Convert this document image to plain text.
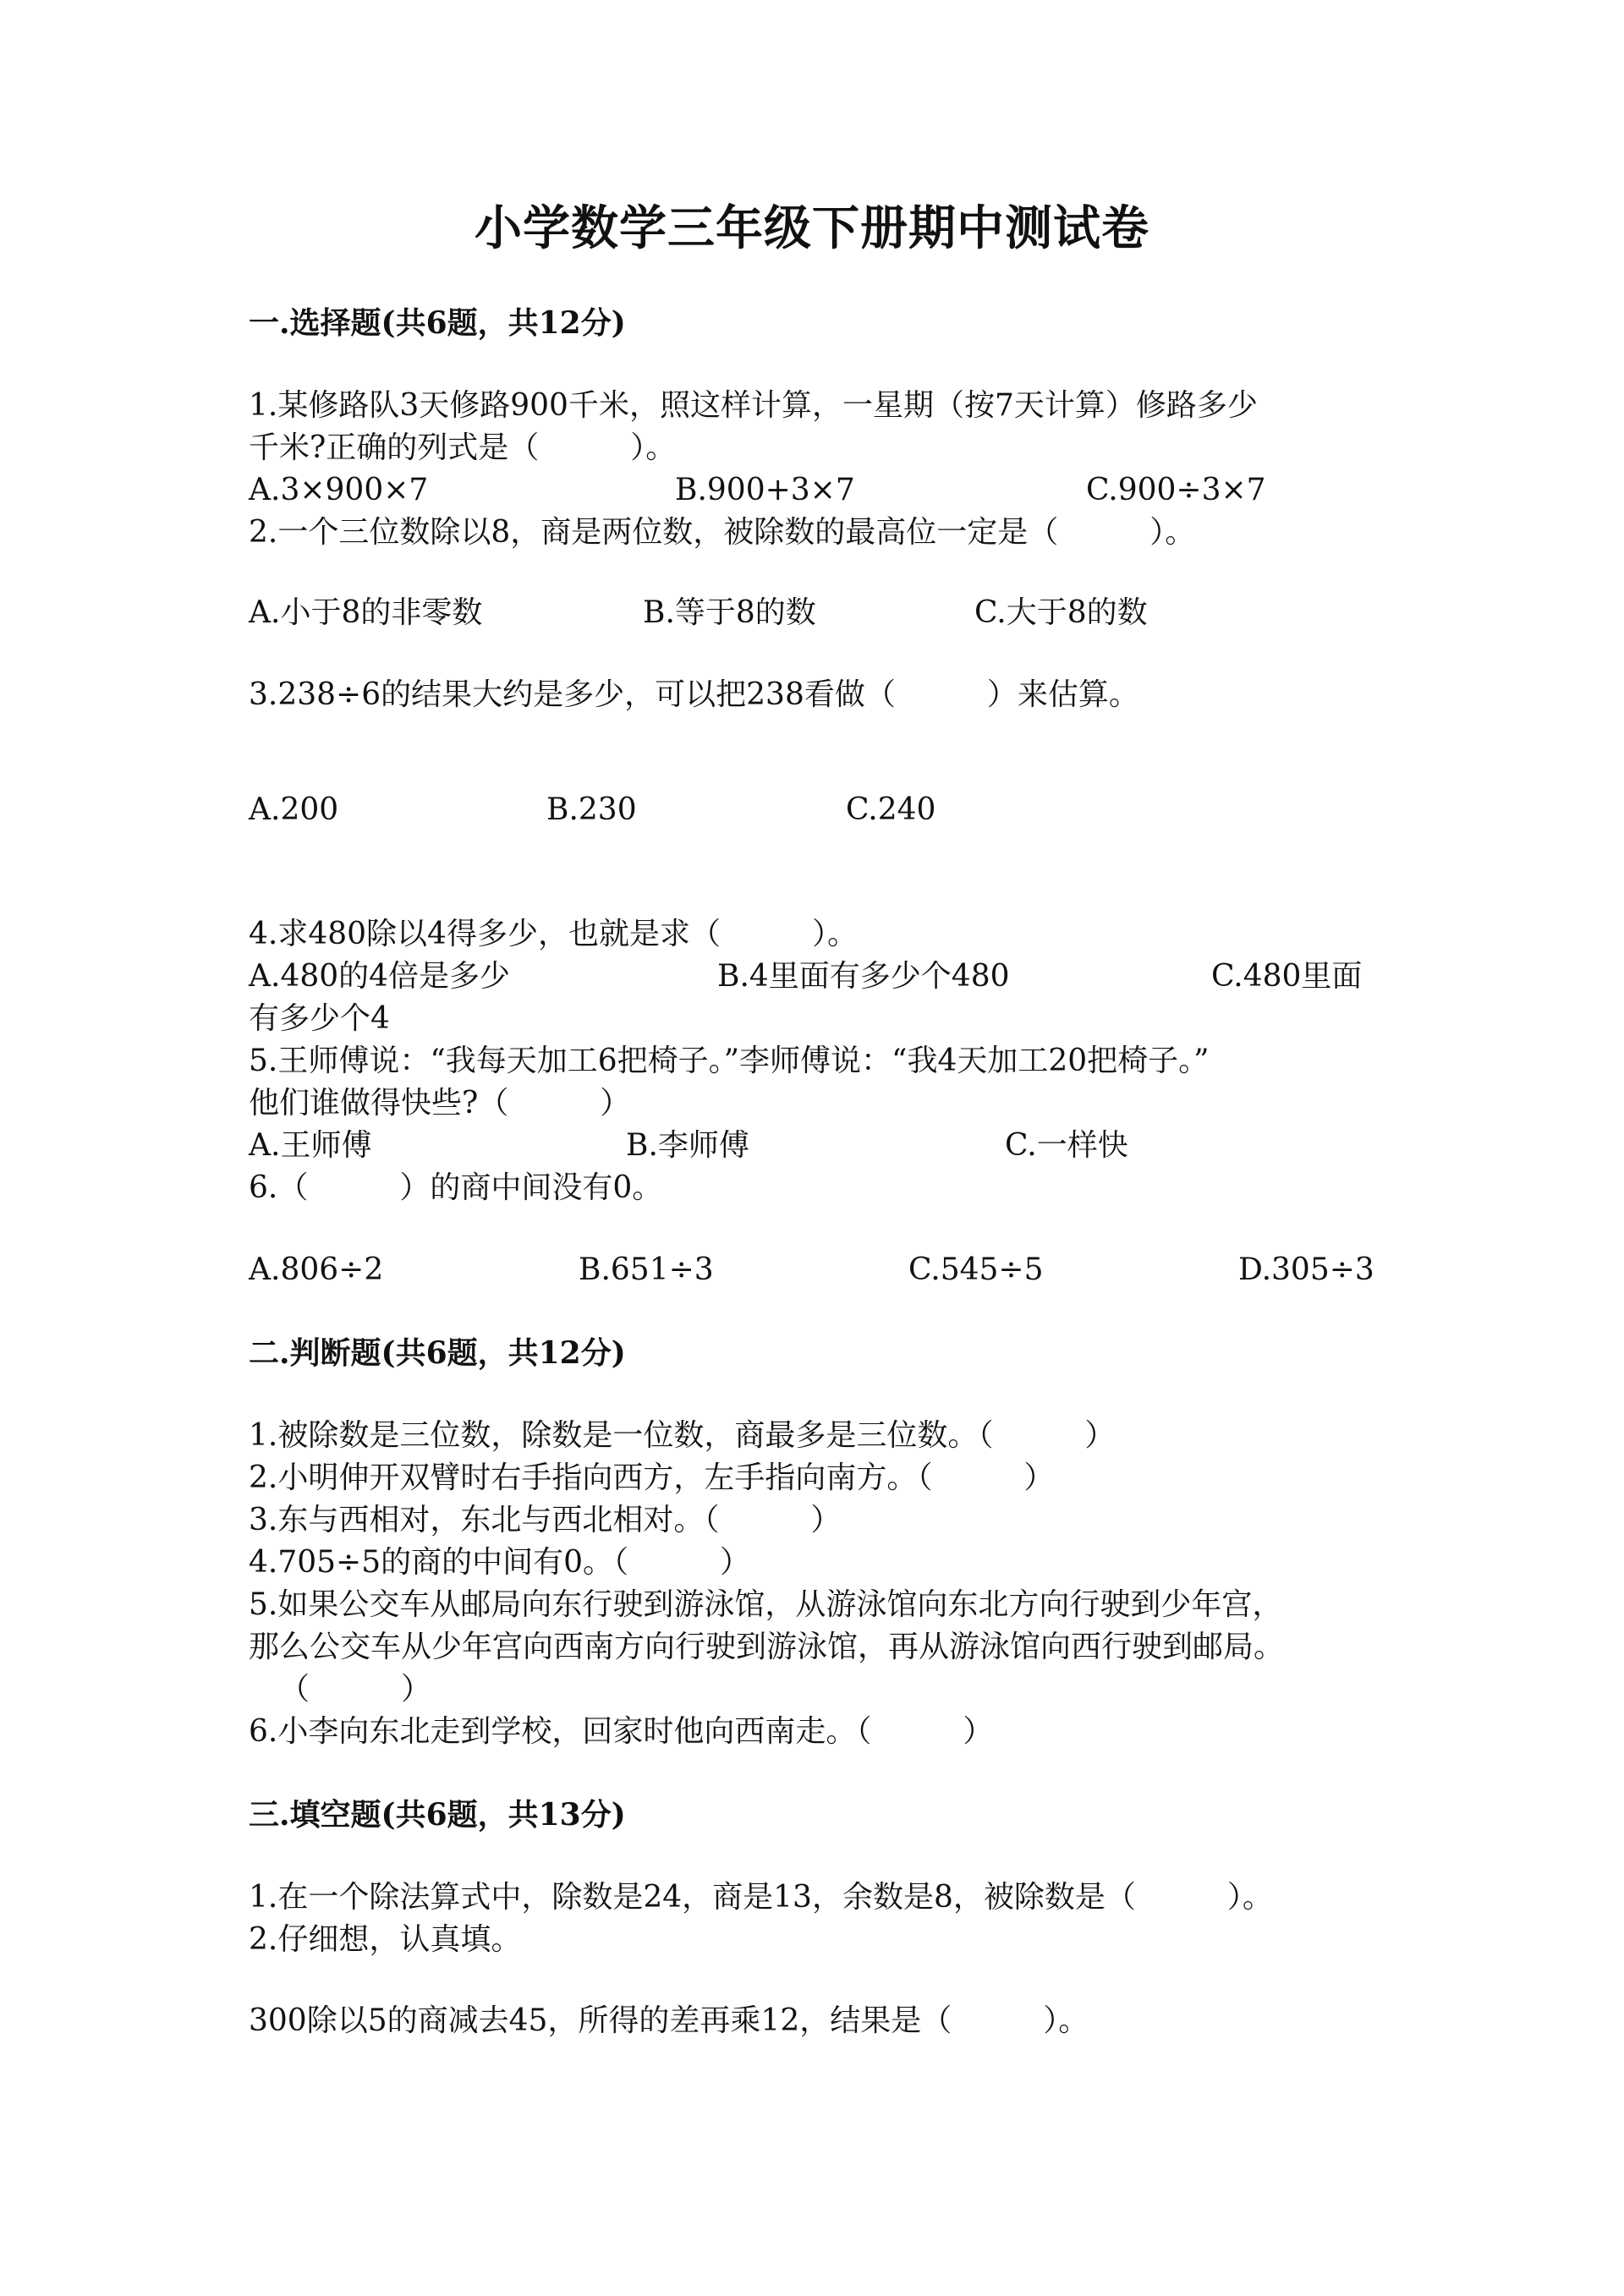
小学数学三年级下册期中测试卷
一.选择题(共6题，共12分)
1.某修路队3天修路900千米，照这样计算，一星期（按7天计算）修路多少
千米?正确的列式是（　　　）。
A.3×900×7	B.900+3×7	C.900÷3×7
2.一个三位数除以8，商是两位数，被除数的最高位一定是（　　　）。
A.小于8的非零数	B.等于8的数	C.大于8的数
3.238÷6的结果大约是多少，可以把238看做（　　　）来估算。
A.200	B.230	C.240
4.求480除以4得多少，也就是求（　　　）。
A.480的4倍是多少	B.4里面有多少个480	C.480里面
有多少个4
5.王师傅说：“我每天加工6把椅子。”李师傅说：“我4天加工20把椅子。”
他们谁做得快些?（　　　）
A.王师傅	B.李师傅	C.一样快
6.（　　　）的商中间没有0。
A.806÷2	B.651÷3	C.545÷5	D.305÷3
二.判断题(共6题，共12分)
1.被除数是三位数，除数是一位数，商最多是三位数。（　　　）
2.小明伸开双臂时右手指向西方，左手指向南方。（　　　）
3.东与西相对，东北与西北相对。（　　　）
4.705÷5的商的中间有0。（　　　）
5.如果公交车从邮局向东行驶到游泳馆，从游泳馆向东北方向行驶到少年宫，
那么公交车从少年宫向西南方向行驶到游泳馆，再从游泳馆向西行驶到邮局。
（　　　）
6.小李向东北走到学校，回家时他向西南走。（　　　）
三.填空题(共6题，共13分)
1.在一个除法算式中，除数是24，商是13，余数是8，被除数是（　　　）。
2.仔细想，认真填。
300除以5的商减去45，所得的差再乘12，结果是（　　　）。
